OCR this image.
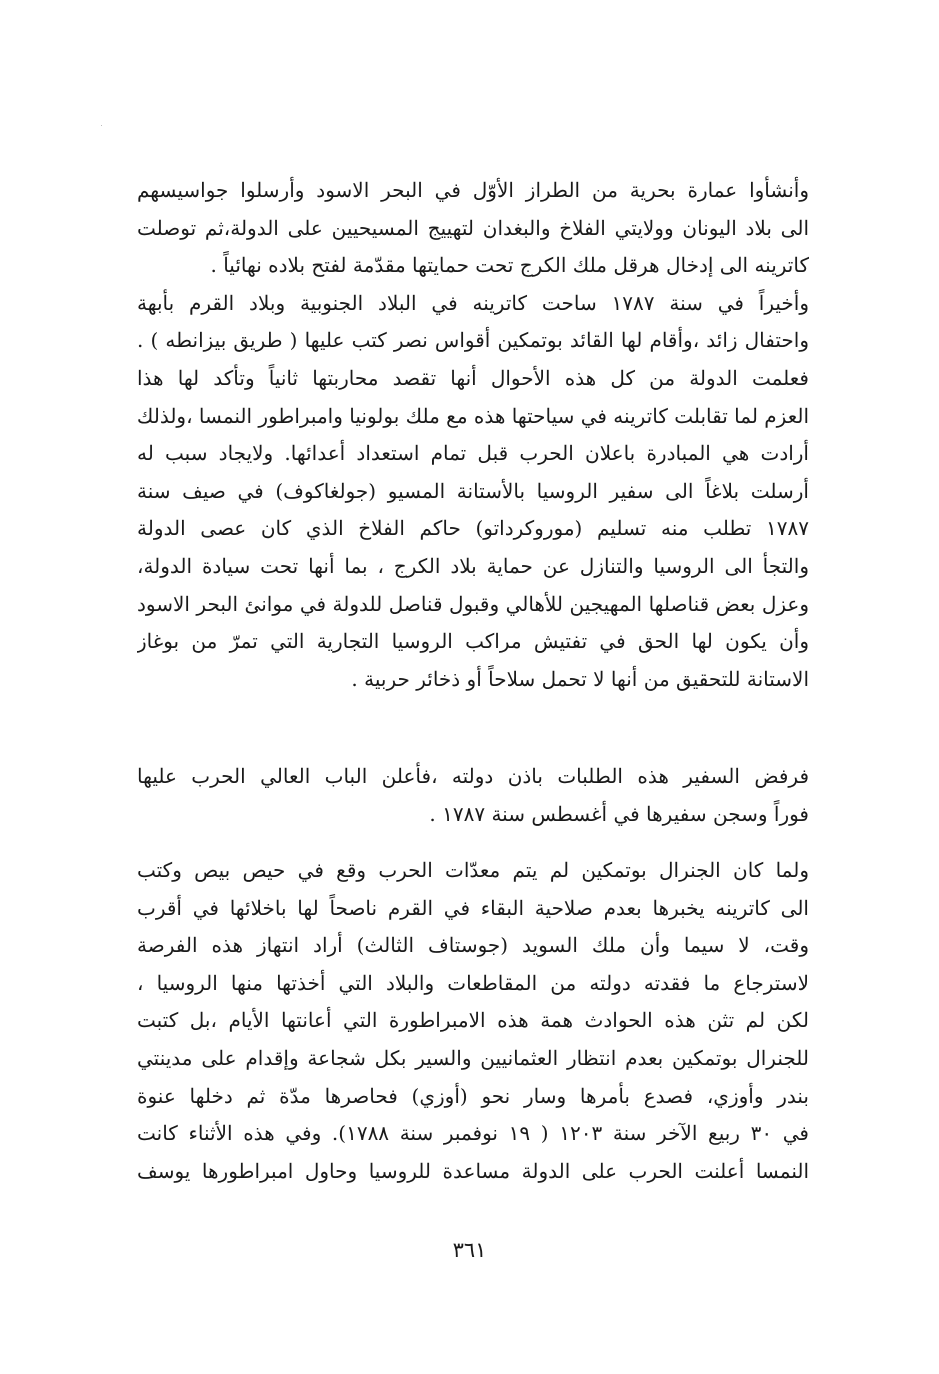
وأنشأوا عمارة بحرية من الطراز الأوّل في البحر الاسود وأرسلوا جواسيسهم
الى بلاد اليونان وولايتي الفلاخ والبغدان لتهييج المسيحيين على الدولة،ثم توصلت
كاترينه الى إدخال هرقل ملك الكرج تحت حمايتها مقدّمة لفتح بلاده نهائياً .
وأخيراً في سنة ١٧٨٧ ساحت كاترينه في البلاد الجنوبية وبلاد القرم بأبهة
واحتفال زائد ،وأقام لها القائد بوتمكين أقواس نصر كتب عليها ( طريق بيزانطه ) .
فعلمت الدولة من كل هذه الأحوال أنها تقصد محاربتها ثانياً وتأكد لها هذا
العزم لما تقابلت كاترينه في سياحتها هذه مع ملك بولونيا وامبراطور النمسا ،ولذلك
أرادت هي المبادرة باعلان الحرب قبل تمام استعداد أعدائها. ولايجاد سبب له
أرسلت بلاغاً الى سفير الروسيا بالأستانة المسيو (جولغاكوف) في صيف سنة
١٧٨٧ تطلب منه تسليم (موروكرداتو) حاكم الفلاخ الذي كان عصى الدولة
والتجأ الى الروسيا والتنازل عن حماية بلاد الكرج ، بما أنها تحت سيادة الدولة،
وعزل بعض قناصلها المهيجين للأهالي وقبول قناصل للدولة في موانئ البحر الاسود
وأن يكون لها الحق في تفتيش مراكب الروسيا التجارية التي تمرّ من بوغاز
الاستانة للتحقيق من أنها لا تحمل سلاحاً أو ذخائر حربية .
فرفض السفير هذه الطلبات باذن دولته ،فأعلن الباب العالي الحرب عليها
فوراً وسجن سفيرها في أغسطس سنة ١٧٨٧ .
ولما كان الجنرال بوتمكين لم يتم معدّات الحرب وقع في حيص بيص وكتب
الى كاترينه يخبرها بعدم صلاحية البقاء في القرم ناصحاً لها باخلائها في أقرب
وقت، لا سيما وأن ملك السويد (جوستاف الثالث) أراد انتهاز هذه الفرصة
لاسترجاع ما فقدته دولته من المقاطعات والبلاد التي أخذتها منها الروسيا ،
لكن لم تثن هذه الحوادث همة هذه الامبراطورة التي أعانتها الأيام ،بل كتبت
للجنرال بوتمكين بعدم انتظار العثمانيين والسير بكل شجاعة وإقدام على مدينتي
بندر وأوزي، فصدع بأمرها وسار نحو (أوزي) فحاصرها مدّة ثم دخلها عنوة
في ٣٠ ربيع الآخر سنة ١٢٠٣ ( ١٩ نوفمبر سنة ١٧٨٨). وفي هذه الأثناء كانت
النمسا أعلنت الحرب على الدولة مساعدة للروسيا وحاول امبراطورها يوسف
٣٦١
